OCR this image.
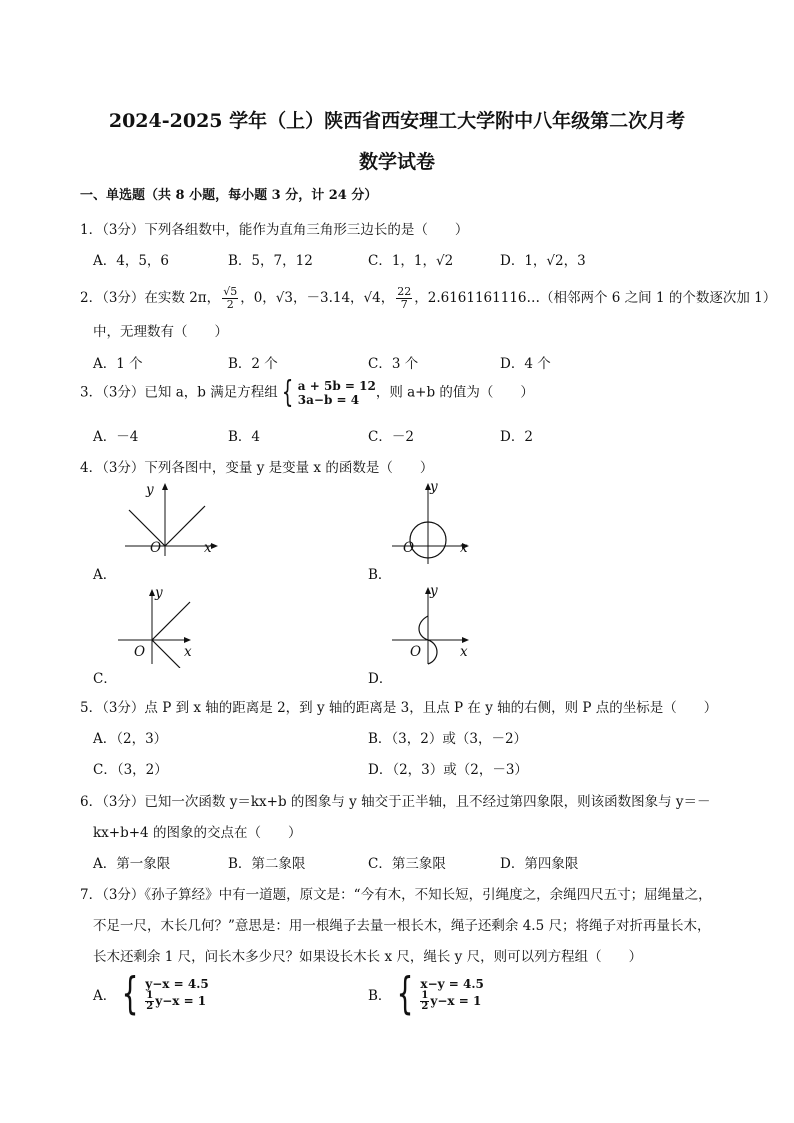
2024-2025 学年（上）陕西省西安理工大学附中八年级第二次月考
数学试卷
一、单选题（共 8 小题，每小题 3 分，计 24 分）
1．（3分）下列各组数中，能作为直角三角形三边长的是（　　）
A．4，5，6	B．5，7，12	C．1，1，√2	D．1，√2，3
2．（3分）在实数 2π， $\frac{√5}{2}$ ，0，√3，－3.14，√4， $\frac{22}{7}$ ，2.6161161116…（相邻两个 6 之间 1 的个数逐次加 1）
中，无理数有（　　）
A．1 个	B．2 个	C．3 个	D．4 个
3．（3分）已知 a，b 满足方程组 { a + 5b = 12
3a−b = 4	，则 a+b 的值为（　　）
A．－4	B．4	C．－2	D．2
4．（3分）下列各图中，变量 y 是变量 x 的函数是（　　）
y
x
O
A．
y
x
O
B．
y
x
O
C．
y
x
O
D．
5．（3分）点 P 到 x 轴的距离是 2，到 y 轴的距离是 3，且点 P 在 y 轴的右侧，则 P 点的坐标是（　　）
A．（2，3）	B．（3，2）或（3，－2）
C．（3，2）	D．（2，3）或（2，－3）
6．（3分）已知一次函数 y＝kx+b 的图象与 y 轴交于正半轴，且不经过第四象限，则该函数图象与 y＝－
kx+b+4 的图象的交点在（　　）
A．第一象限	B．第二象限	C．第三象限	D．第四象限
7．（3分）《孙子算经》中有一道题，原文是：“今有木，不知长短，引绳度之，余绳四尺五寸；屈绳量之，
不足一尺，木长几何？”意思是：用一根绳子去量一根长木，绳子还剩余 4.5 尺；将绳子对折再量长木，
长木还剩余 1 尺，问长木多少尺？如果设长木长 x 尺，绳长 y 尺，则可以列方程组（　　）
A． { y−x = 4.5
$\frac{1}{2} y-x = 1$	B． { x−y = 4.5
$\frac{1}{2} y-x = 1$
